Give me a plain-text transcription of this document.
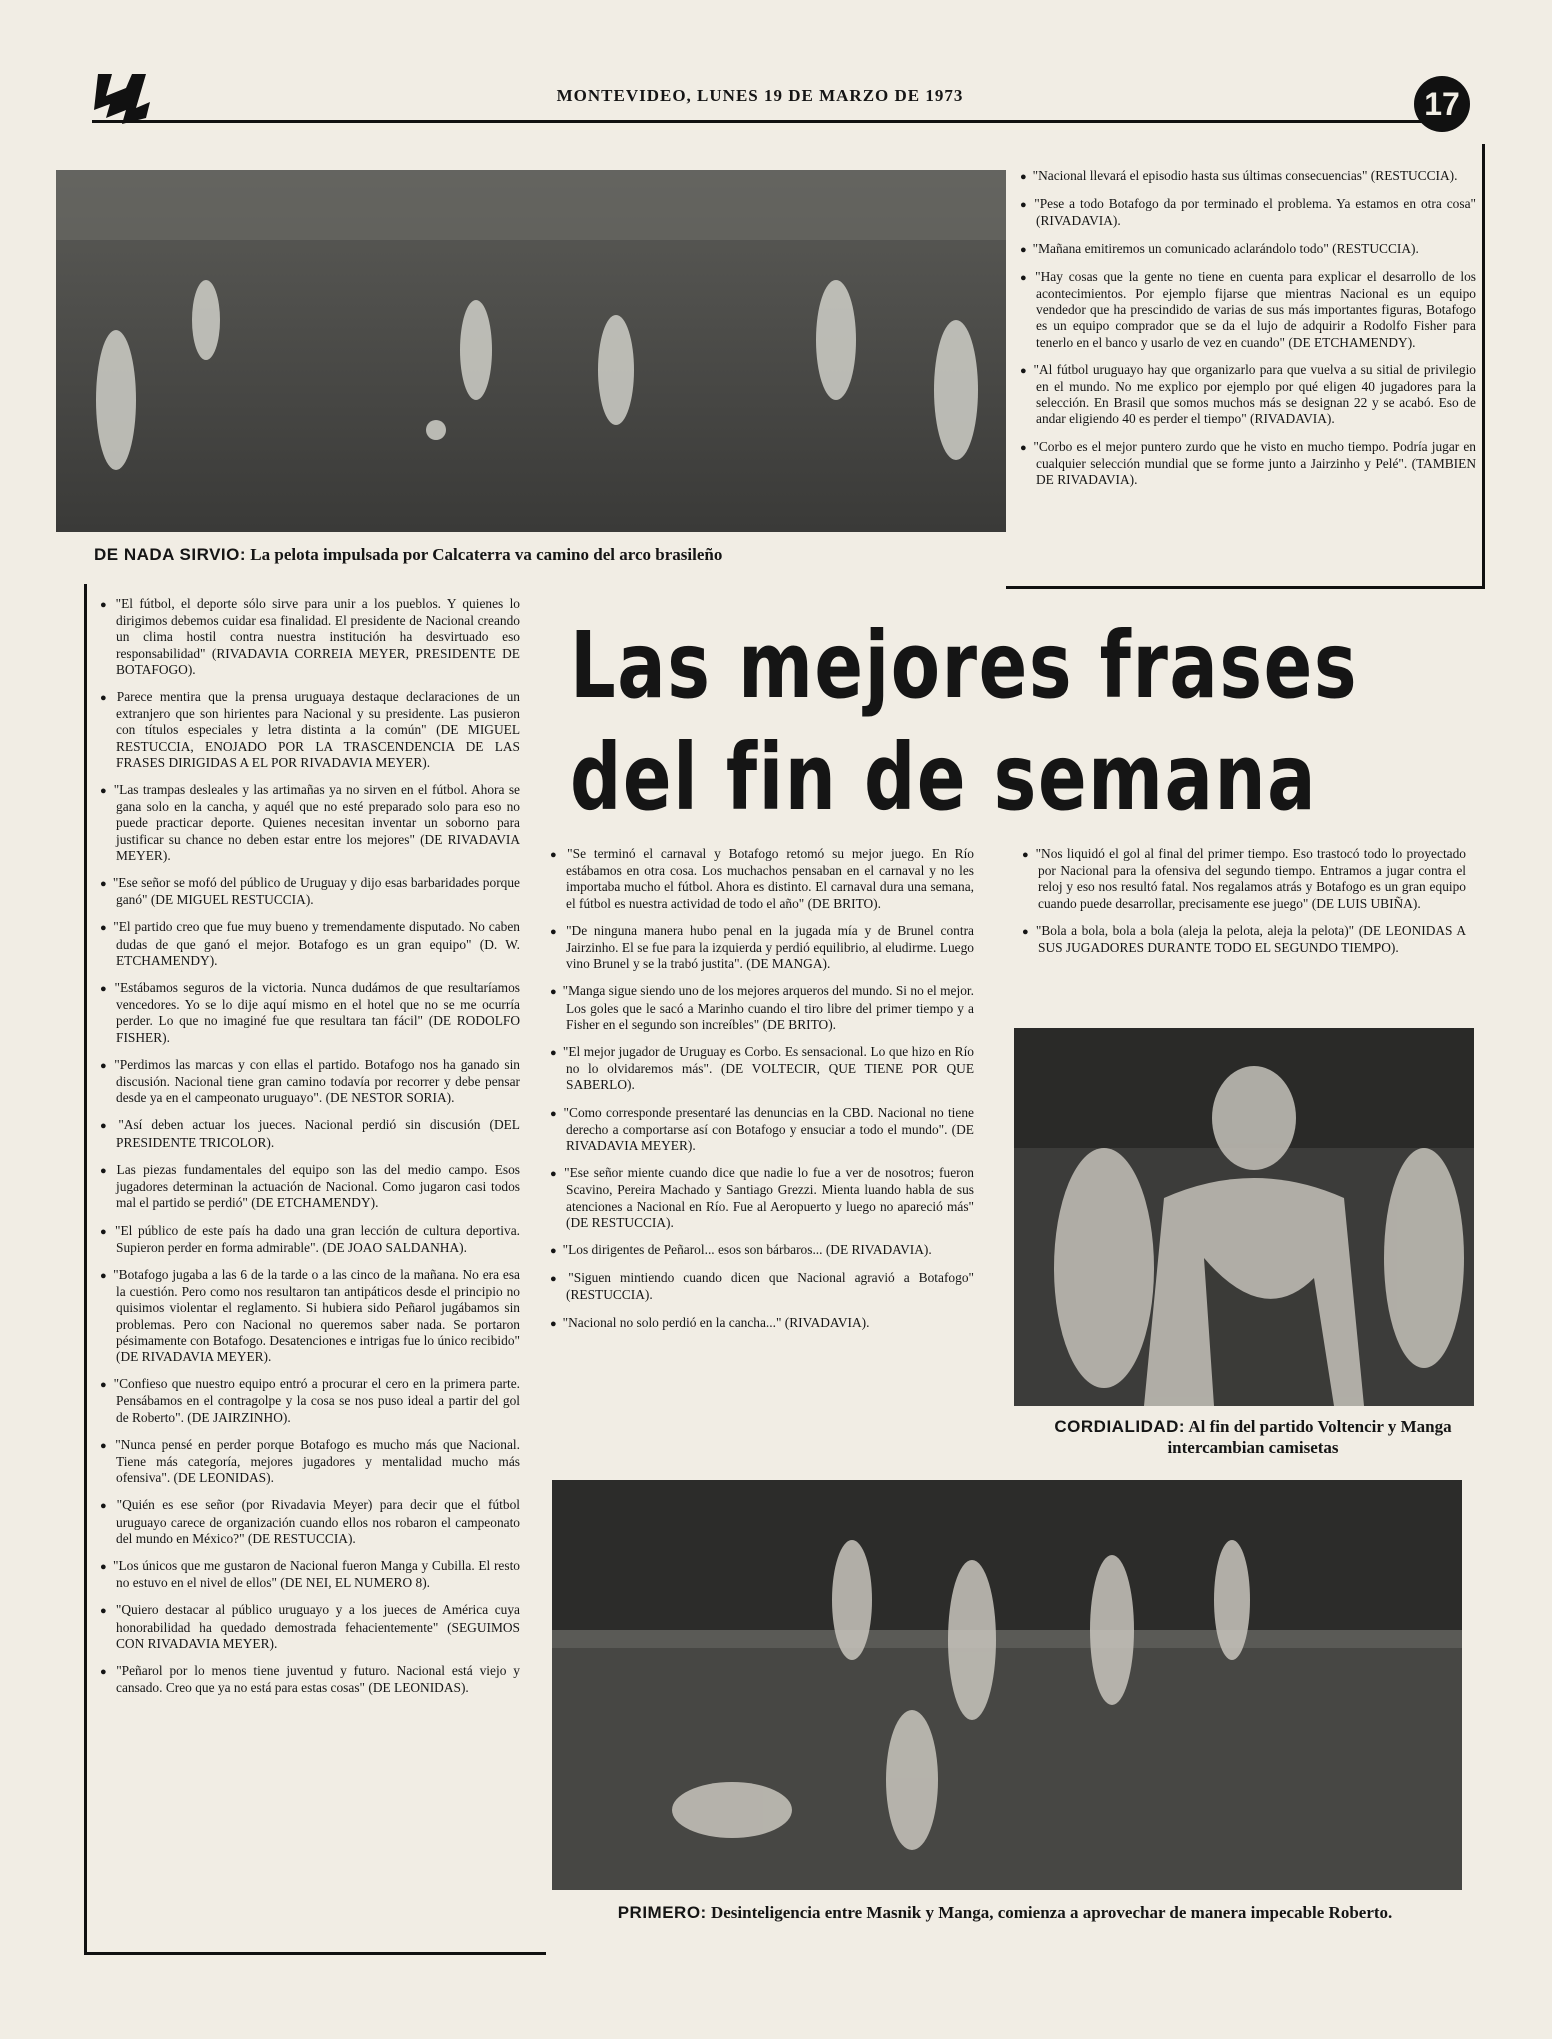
MONTEVIDEO, LUNES 19 DE MARZO DE 1973	17
DE NADA SIRVIO: La pelota impulsada por Calcaterra va camino del arco brasileño

● "Nacional llevará el episodio hasta sus últimas consecuencias" (RESTUCCIA).

● "Pese a todo Botafogo da por terminado el problema. Ya estamos en otra cosa" (RIVADAVIA).

● "Mañana emitiremos un comunicado aclarándolo todo" (RESTUCCIA).

● "Hay cosas que la gente no tiene en cuenta para explicar el desarrollo de los acontecimientos. Por ejemplo fijarse que mientras Nacional es un equipo vendedor que ha prescindido de varias de sus más importantes figuras, Botafogo es un equipo comprador que se da el lujo de adquirir a Rodolfo Fisher para tenerlo en el banco y usarlo de vez en cuando" (DE ETCHAMENDY).

● "Al fútbol uruguayo hay que organizarlo para que vuelva a su sitial de privilegio en el mundo. No me explico por ejemplo por qué eligen 40 jugadores para la selección. En Brasil que somos muchos más se designan 22 y se acabó. Eso de andar eligiendo 40 es perder el tiempo" (RIVADAVIA).

● "Corbo es el mejor puntero zurdo que he visto en mucho tiempo. Podría jugar en cualquier selección mundial que se forme junto a Jairzinho y Pelé". (TAMBIEN DE RIVADAVIA).

Las mejores frases
del fin de semana

● "El fútbol, el deporte sólo sirve para unir a los pueblos. Y quienes lo dirigimos debemos cuidar esa finalidad. El presidente de Nacional creando un clima hostil contra nuestra institución ha desvirtuado eso responsabilidad" (RIVADAVIA CORREIA MEYER, PRESIDENTE DE BOTAFOGO).

● Parece mentira que la prensa uruguaya destaque declaraciones de un extranjero que son hirientes para Nacional y su presidente. Las pusieron con títulos especiales y letra distinta a la común" (DE MIGUEL RESTUCCIA, ENOJADO POR LA TRASCENDENCIA DE LAS FRASES DIRIGIDAS A EL POR RIVADAVIA MEYER).

● "Las trampas desleales y las artimañas ya no sirven en el fútbol. Ahora se gana solo en la cancha, y aquél que no esté preparado solo para eso no puede practicar deporte. Quienes necesitan inventar un soborno para justificar su chance no deben estar entre los mejores" (DE RIVADAVIA MEYER).

● "Ese señor se mofó del público de Uruguay y dijo esas barbaridades porque ganó" (DE MIGUEL RESTUCCIA).

● "El partido creo que fue muy bueno y tremendamente disputado. No caben dudas de que ganó el mejor. Botafogo es un gran equipo" (D. W. ETCHAMENDY).

● "Estábamos seguros de la victoria. Nunca dudámos de que resultaríamos vencedores. Yo se lo dije aquí mismo en el hotel que no se me ocurría perder. Lo que no imaginé fue que resultara tan fácil" (DE RODOLFO FISHER).

● "Perdimos las marcas y con ellas el partido. Botafogo nos ha ganado sin discusión. Nacional tiene gran camino todavía por recorrer y debe pensar desde ya en el campeonato uruguayo". (DE NESTOR SORIA).

● "Así deben actuar los jueces. Nacional perdió sin discusión (DEL PRESIDENTE TRICOLOR).

● Las piezas fundamentales del equipo son las del medio campo. Esos jugadores determinan la actuación de Nacional. Como jugaron casi todos mal el partido se perdió" (DE ETCHAMENDY).

● "El público de este país ha dado una gran lección de cultura deportiva. Supieron perder en forma admirable". (DE JOAO SALDANHA).

● "Botafogo jugaba a las 6 de la tarde o a las cinco de la mañana. No era esa la cuestión. Pero como nos resultaron tan antipáticos desde el principio no quisimos violentar el reglamento. Si hubiera sido Peñarol jugábamos sin problemas. Pero con Nacional no queremos saber nada. Se portaron pésimamente con Botafogo. Desatenciones e intrigas fue lo único recibido" (DE RIVADAVIA MEYER).

● "Confieso que nuestro equipo entró a procurar el cero en la primera parte. Pensábamos en el contragolpe y la cosa se nos puso ideal a partir del gol de Roberto". (DE JAIRZINHO).

● "Nunca pensé en perder porque Botafogo es mucho más que Nacional. Tiene más categoría, mejores jugadores y mentalidad mucho más ofensiva". (DE LEONIDAS).

● "Quién es ese señor (por Rivadavia Meyer) para decir que el fútbol uruguayo carece de organización cuando ellos nos robaron el campeonato del mundo en México?" (DE RESTUCCIA).

● "Los únicos que me gustaron de Nacional fueron Manga y Cubilla. El resto no estuvo en el nivel de ellos" (DE NEI, EL NUMERO 8).

● "Quiero destacar al público uruguayo y a los jueces de América cuya honorabilidad ha quedado demostrada fehacientemente" (SEGUIMOS CON RIVADAVIA MEYER).

● "Peñarol por lo menos tiene juventud y futuro. Nacional está viejo y cansado. Creo que ya no está para estas cosas" (DE LEONIDAS).

● "Se terminó el carnaval y Botafogo retomó su mejor juego. En Río estábamos en otra cosa. Los muchachos pensaban en el carnaval y no les importaba mucho el fútbol. Ahora es distinto. El carnaval dura una semana, el fútbol es nuestra actividad de todo el año" (DE BRITO).

● "De ninguna manera hubo penal en la jugada mía y de Brunel contra Jairzinho. El se fue para la izquierda y perdió equilibrio, al eludirme. Luego vino Brunel y se la trabó justita". (DE MANGA).

● "Manga sigue siendo uno de los mejores arqueros del mundo. Si no el mejor. Los goles que le sacó a Marinho cuando el tiro libre del primer tiempo y a Fisher en el segundo son increíbles" (DE BRITO).

● "El mejor jugador de Uruguay es Corbo. Es sensacional. Lo que hizo en Río no lo olvidaremos más". (DE VOLTECIR, QUE TIENE POR QUE SABERLO).

● "Como corresponde presentaré las denuncias en la CBD. Nacional no tiene derecho a comportarse así con Botafogo y ensuciar a todo el mundo". (DE RIVADAVIA MEYER).

● "Ese señor miente cuando dice que nadie lo fue a ver de nosotros; fueron Scavino, Pereira Machado y Santiago Grezzi. Mienta luando habla de sus atenciones a Nacional en Río. Fue al Aeropuerto y luego no apareció más" (DE RESTUCCIA).

● "Los dirigentes de Peñarol... esos son bárbaros... (DE RIVADAVIA).

● "Siguen mintiendo cuando dicen que Nacional agravió a Botafogo" (RESTUCCIA).

● "Nacional no solo perdió en la cancha..." (RIVADAVIA).

● "Nos liquidó el gol al final del primer tiempo. Eso trastocó todo lo proyectado por Nacional para la ofensiva del segundo tiempo. Entramos a jugar contra el reloj y eso nos resultó fatal. Nos regalamos atrás y Botafogo es un gran equipo cuando puede desarrollar, precisamente ese juego" (DE LUIS UBIÑA).

● "Bola a bola, bola a bola (aleja la pelota, aleja la pelota)" (DE LEONIDAS A SUS JUGADORES DURANTE TODO EL SEGUNDO TIEMPO).

CORDIALIDAD: Al fin del partido Voltencir y Manga intercambian camisetas
PRIMERO: Desinteligencia entre Masnik y Manga, comienza a aprovechar de manera impecable Roberto.
